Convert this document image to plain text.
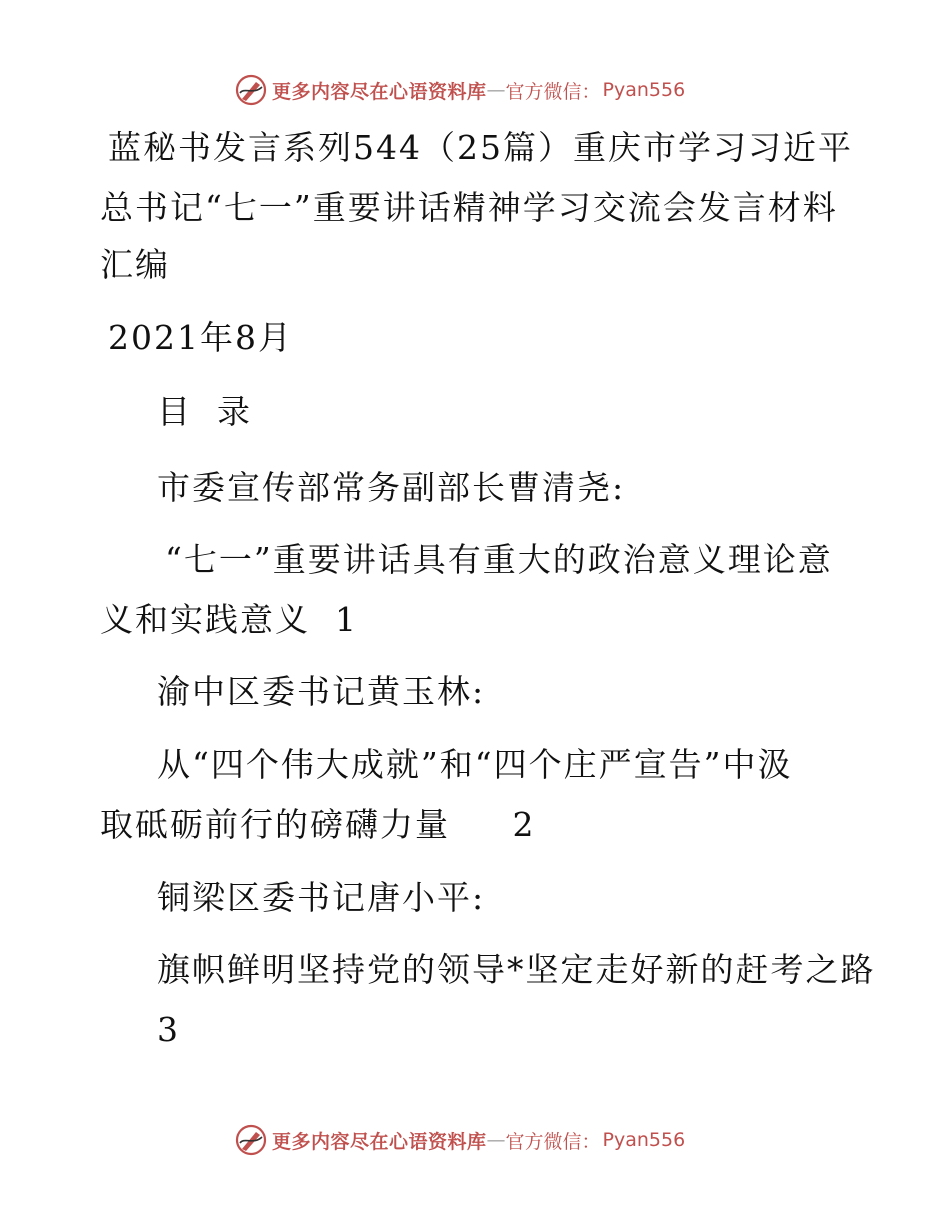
更多内容尽在心语资料库 — 官方微信： Pyan556
蓝秘书发言系列544（25篇）重庆市学习习近平
总书记“七一”重要讲话精神学习交流会发言材料
汇编
2021年8月
目  录
市委宣传部常务副部长曹清尧:
“七一”重要讲话具有重大的政治意义理论意
义和实践意义  1
渝中区委书记黄玉林:
从“四个伟大成就”和“四个庄严宣告”中汲
取砥砺前行的磅礴力量     2
铜梁区委书记唐小平:
旗帜鲜明坚持党的领导*坚定走好新的赶考之路
3
更多内容尽在心语资料库 — 官方微信： Pyan556
